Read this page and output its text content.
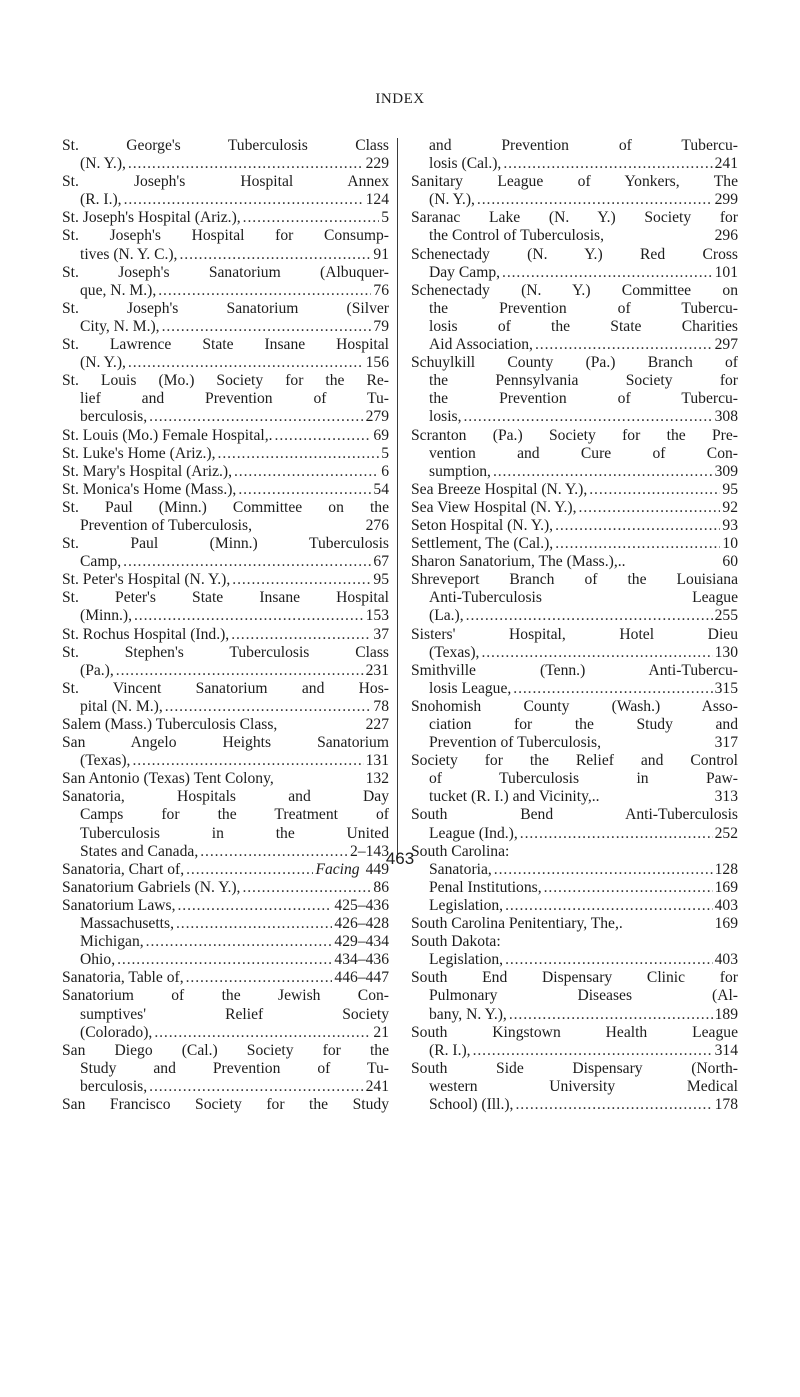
INDEX
St. George's Tuberculosis Class
(N. Y.), . . .	229
St. Joseph's Hospital Annex
(R. I.), . . .	124
St. Joseph's Hospital (Ariz.), . . .	5
St. Joseph's Hospital for Consump-
tives (N. Y. C.), . . .	91
St. Joseph's Sanatorium (Albuquer-
que, N. M.), . . .	76
St. Joseph's Sanatorium (Silver
City, N. M.), . . .	79
St. Lawrence State Insane Hospital
(N. Y.), . . .	156
St. Louis (Mo.) Society for the Re-
lief and Prevention of Tu-
berculosis, . . .	279
St. Louis (Mo.) Female Hospital,. . . .	69
St. Luke's Home (Ariz.), . . .	5
St. Mary's Hospital (Ariz.), . . .	6
St. Monica's Home (Mass.), . . .	54
St. Paul (Minn.) Committee on the
Prevention of Tuberculosis,	276
St. Paul (Minn.) Tuberculosis
Camp, . . .	67
St. Peter's Hospital (N. Y.), . . .	95
St. Peter's State Insane Hospital
(Minn.), . . .	153
St. Rochus Hospital (Ind.), . . .	37
St. Stephen's Tuberculosis Class
(Pa.), . . .	231
St. Vincent Sanatorium and Hos-
pital (N. M.), . . .	78
Salem (Mass.) Tuberculosis Class,	227
San Angelo Heights Sanatorium
(Texas), . . .	131
San Antonio (Texas) Tent Colony,	132
Sanatoria, Hospitals and Day
Camps for the Treatment of
Tuberculosis in the United
States and Canada, . . .	2–143
Sanatoria, Chart of, . . .	Facing 449
Sanatorium Gabriels (N. Y.), . . .	86
Sanatorium Laws, . . .	425–436
Massachusetts, . . .	426–428
Michigan, . . .	429–434
Ohio, . . .	434–436
Sanatoria, Table of, . . .	446–447
Sanatorium of the Jewish Con-
sumptives' Relief Society
(Colorado), . . .	21
San Diego (Cal.) Society for the
Study and Prevention of Tu-
berculosis, . . .	241
San Francisco Society for the Study
and Prevention of Tubercu-
losis (Cal.), . . .	241
Sanitary League of Yonkers, The
(N. Y.), . . .	299
Saranac Lake (N. Y.) Society for
the Control of Tuberculosis,	296
Schenectady (N. Y.) Red Cross
Day Camp, . . .	101
Schenectady (N. Y.) Committee on
the Prevention of Tubercu-
losis of the State Charities
Aid Association, . . .	297
Schuylkill County (Pa.) Branch of
the Pennsylvania Society for
the Prevention of Tubercu-
losis, . . .	308
Scranton (Pa.) Society for the Pre-
vention and Cure of Con-
sumption, . . .	309
Sea Breeze Hospital (N. Y.), . . .	95
Sea View Hospital (N. Y.), . . .	92
Seton Hospital (N. Y.), . . .	93
Settlement, The (Cal.), . . .	10
Sharon Sanatorium, The (Mass.),..	60
Shreveport Branch of the Louisiana
Anti-Tuberculosis League
(La.), . . .	255
Sisters' Hospital, Hotel Dieu
(Texas), . . .	130
Smithville (Tenn.) Anti-Tubercu-
losis League, . . .	315
Snohomish County (Wash.) Asso-
ciation for the Study and
Prevention of Tuberculosis,	317
Society for the Relief and Control
of Tuberculosis in Paw-
tucket (R. I.) and Vicinity,..	313
South Bend Anti-Tuberculosis
League (Ind.), . . .	252
South Carolina:
Sanatoria, . . .	128
Penal Institutions, . . .	169
Legislation, . . .	403
South Carolina Penitentiary, The,.	169
South Dakota:
Legislation, . . .	403
South End Dispensary Clinic for
Pulmonary Diseases (Al-
bany, N. Y.), . . .	189
South Kingstown Health League
(R. I.), . . .	314
South Side Dispensary (North-
western University Medical
School) (Ill.), . . .	178
463
